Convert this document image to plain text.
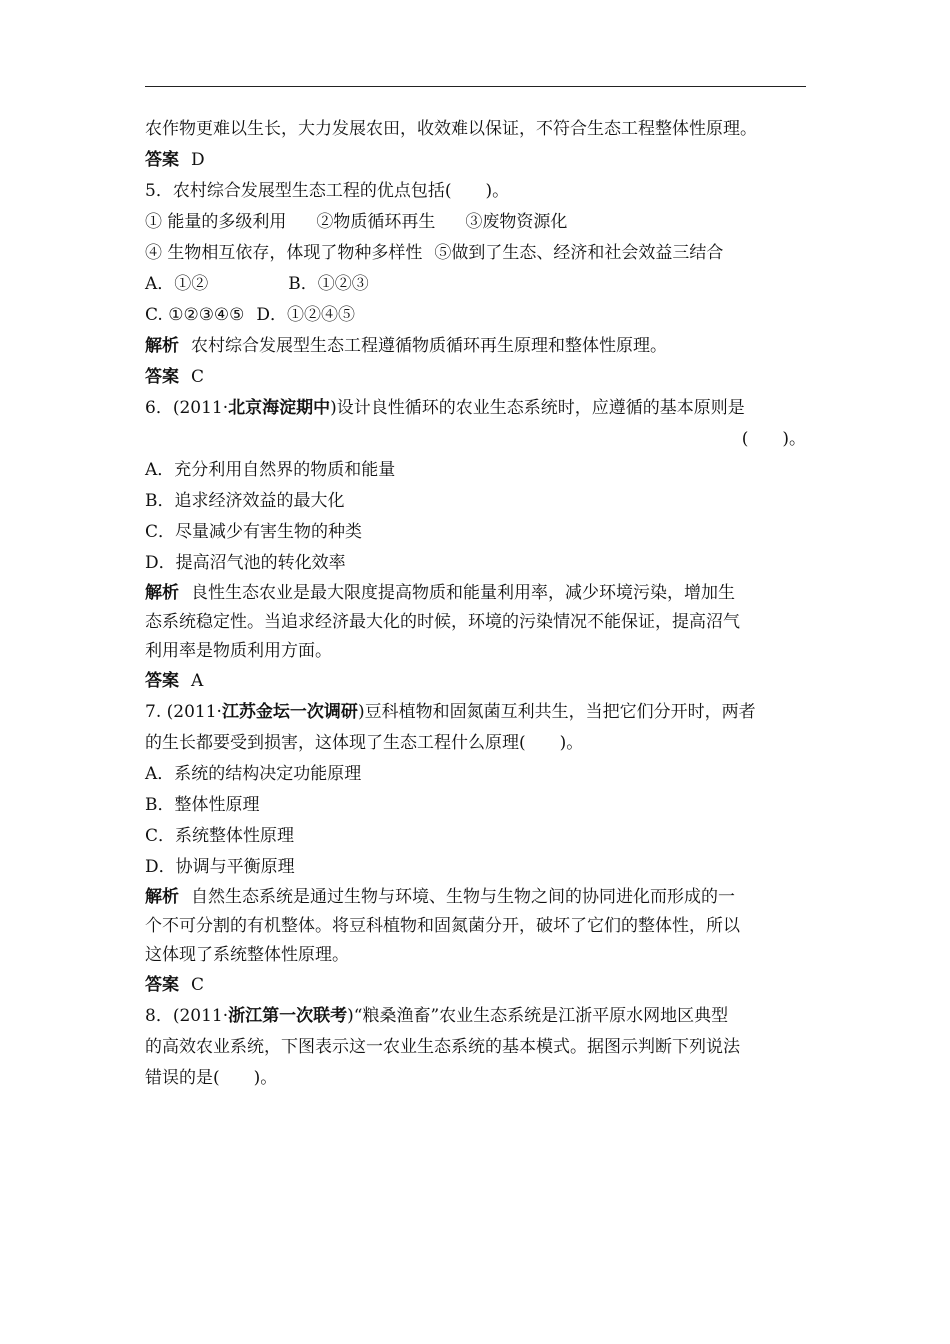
农作物更难以生长，大力发展农田，收效难以保证，不符合生态工程整体性原理。
答案 D
5．农村综合发展型生态工程的优点包括(　　)。
① 能量的多级利用 ②物质循环再生 ③废物资源化
④ 生物相互依存，体现了物种多样性 ⑤做到了生态、经济和社会效益三结合
A．①②	B．①②③
C. ①②③④⑤ D．①②④⑤
解析 农村综合发展型生态工程遵循物质循环再生原理和整体性原理。
答案 C
6．(2011·北京海淀期中)设计良性循环的农业生态系统时，应遵循的基本原则是
(　　)。
A．充分利用自然界的物质和能量
B．追求经济效益的最大化
C．尽量减少有害生物的种类
D．提高沼气池的转化效率
解析 良性生态农业是最大限度提高物质和能量利用率，减少环境污染，增加生
态系统稳定性。当追求经济最大化的时候，环境的污染情况不能保证，提高沼气
利用率是物质利用方面。
答案 A
7. (2011·江苏金坛一次调研)豆科植物和固氮菌互利共生，当把它们分开时，两者
的生长都要受到损害，这体现了生态工程什么原理(　　)。
A．系统的结构决定功能原理
B．整体性原理
C．系统整体性原理
D．协调与平衡原理
解析 自然生态系统是通过生物与环境、生物与生物之间的协同进化而形成的一
个不可分割的有机整体。将豆科植物和固氮菌分开，破坏了它们的整体性，所以
这体现了系统整体性原理。
答案 C
8．(2011·浙江第一次联考)“粮桑渔畜”农业生态系统是江浙平原水网地区典型
的高效农业系统，下图表示这一农业生态系统的基本模式。据图示判断下列说法
错误的是(　　)。
